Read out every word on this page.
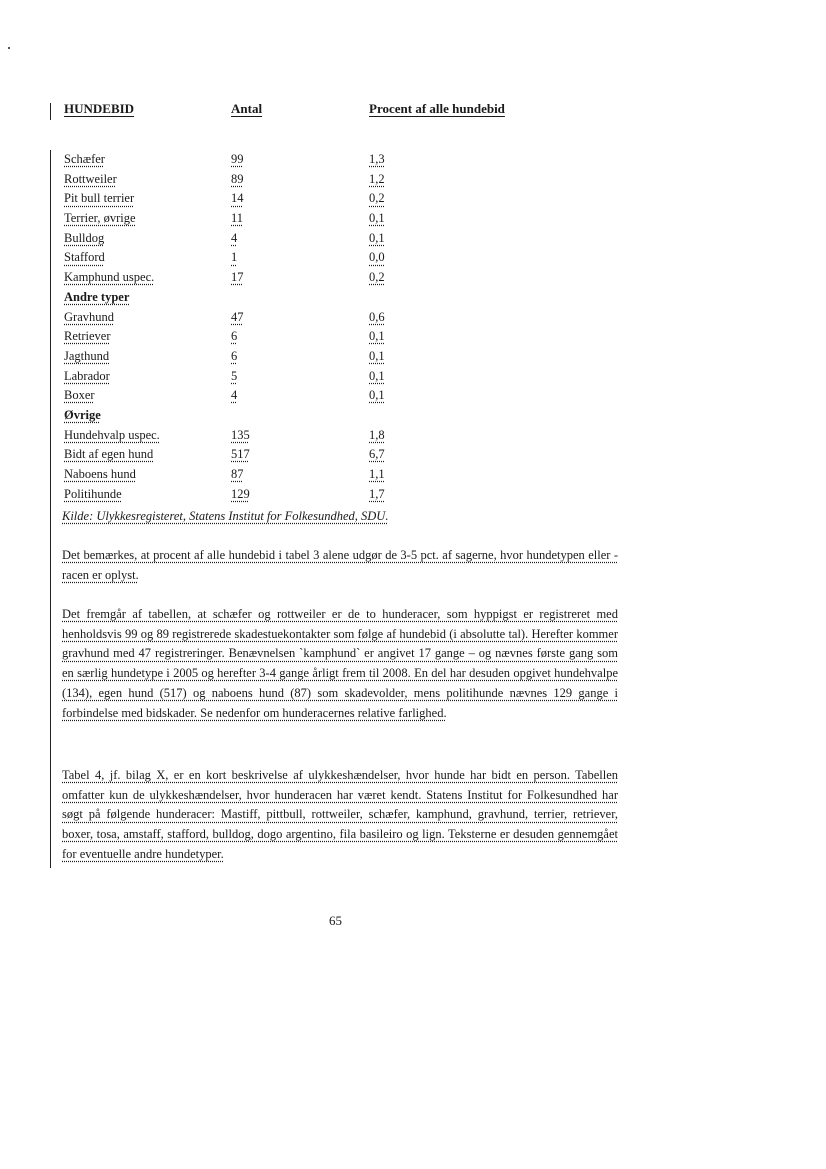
HUNDEBID	Antal	Procent af alle hundebid
Schæfer	99	1,3
Rottweiler	89	1,2
Pit bull terrier	14	0,2
Terrier, øvrige	11	0,1
Bulldog	4	0,1
Stafford	1	0,0
Kamphund uspec.	17	0,2
Andre typer
Gravhund	47	0,6
Retriever	6	0,1
Jagthund	6	0,1
Labrador	5	0,1
Boxer	4	0,1
Øvrige
Hundehvalp uspec.	135	1,8
Bidt af egen hund	517	6,7
Naboens hund	87	1,1
Politihunde	129	1,7
Kilde: Ulykkesregisteret, Statens Institut for Folkesundhed, SDU.
Det bemærkes, at procent af alle hundebid i tabel 3 alene udgør de 3-5 pct. af sagerne, hvor hundetypen eller -racen er oplyst.
Det fremgår af tabellen, at schæfer og rottweiler er de to hunderacer, som hyppigst er registreret med henholdsvis 99 og 89 registrerede skadestuekontakter som følge af hundebid (i absolutte tal). Herefter kommer gravhund med 47 registreringer. Benævnelsen `kamphund` er angivet 17 gange – og nævnes første gang som en særlig hundetype i 2005 og herefter 3-4 gange årligt frem til 2008. En del har desuden opgivet hundehvalpe (134), egen hund (517) og naboens hund (87) som skadevolder, mens politihunde nævnes 129 gange i forbindelse med bidskader. Se nedenfor om hunderacernes relative farlighed.
Tabel 4, jf. bilag X, er en kort beskrivelse af ulykkeshændelser, hvor hunde har bidt en person. Tabellen omfatter kun de ulykkeshændelser, hvor hunderacen har været kendt. Statens Institut for Folkesundhed har søgt på følgende hunderacer: Mastiff, pittbull, rottweiler, schæfer, kamphund, gravhund, terrier, retriever, boxer, tosa, amstaff, stafford, bulldog, dogo argentino, fila basileiro og lign. Teksterne er desuden gennemgået for eventuelle andre hundetyper.
65
